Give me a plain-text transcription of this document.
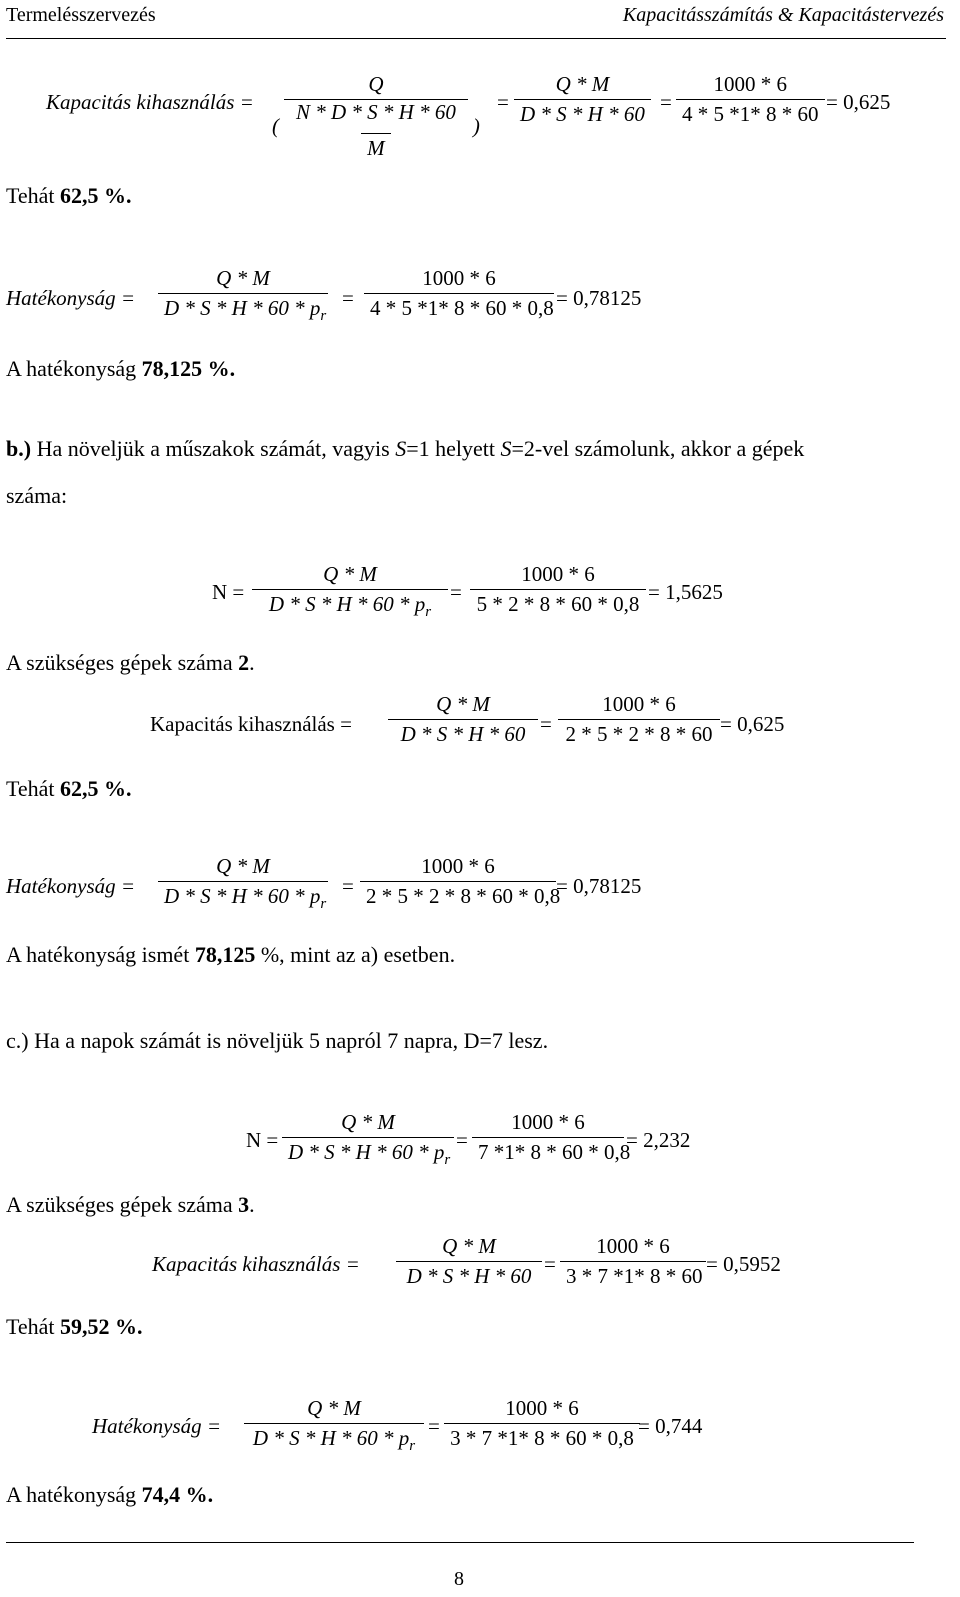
Termelésszervezés	Kapacitásszámítás & Kapacitástervezés
Kapacitás kihasználás = Q
(
N * D * S * H * 60
M
)	= $\frac{Q * M}{D * S * H * 60} = \frac{1000 * 6}{4 * 5 *1* 8 * 60} = 0,625$
Tehát 62,5 %.
Hatékonyság = $\frac{Q * M}{D * S * H * 60 * p_r} = \frac{1000 * 6}{4 * 5 *1* 8 * 60 * 0,8} = 0,78125$
A hatékonyság 78,125 %.
b.) Ha növeljük a műszakok számát, vagyis S=1 helyett S=2-vel számolunk, akkor a gépek
száma:
$N = \frac{Q * M}{D * S * H * 60 * p_r} = \frac{1000 * 6}{5 * 2 * 8 * 60 * 0,8} = 1,5625$
A szükséges gépek száma 2.
Kapacitás kihasználás = $\frac{Q * M}{D * S * H * 60} = \frac{1000 * 6}{2 * 5 * 2 * 8 * 60} = 0,625$
Tehát 62,5 %.
Hatékonyság = $\frac{Q * M}{D * S * H * 60 * p_r} = \frac{1000 * 6}{2 * 5 * 2 * 8 * 60 * 0,8} = 0,78125$
A hatékonyság ismét 78,125 %, mint az a) esetben.
c.) Ha a napok számát is növeljük 5 napról 7 napra, D=7 lesz.
$N = \frac{Q * M}{D * S * H * 60 * p_r} = \frac{1000 * 6}{7 *1* 8 * 60 * 0,8} = 2,232$
A szükséges gépek száma 3.
Kapacitás kihasználás = $\frac{Q * M}{D * S * H * 60} = \frac{1000 * 6}{3 * 7 *1* 8 * 60} = 0,5952$
Tehát 59,52 %.
Hatékonyság = $\frac{Q * M}{D * S * H * 60 * p_r} = \frac{1000 * 6}{3 * 7 *1* 8 * 60 * 0,8}$
= 0,744
A hatékonyság 74,4 %.
8
